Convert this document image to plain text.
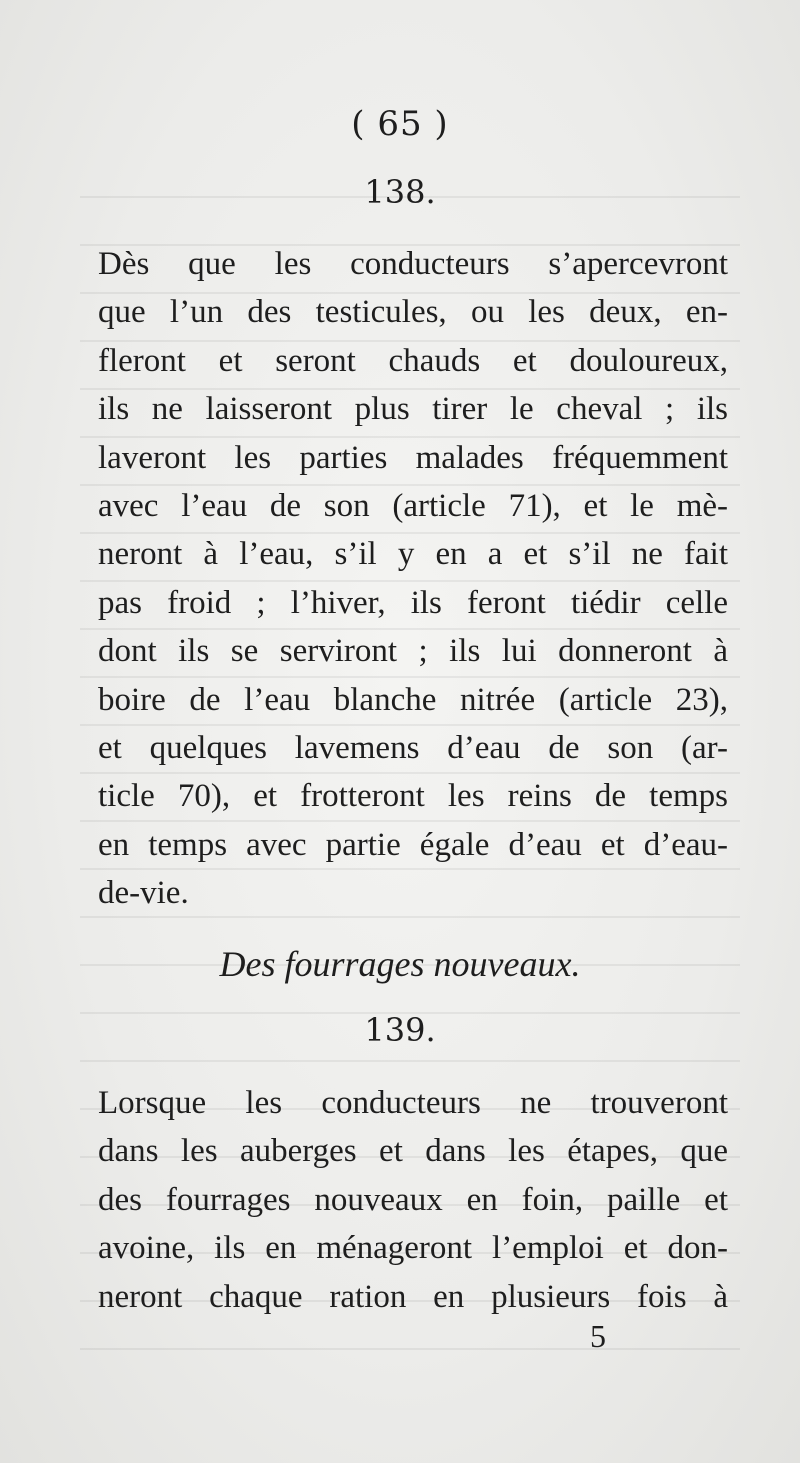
( 65 )
138.
Dès que les conducteurs s’apercevront
que l’un des testicules, ou les deux, en-
fleront et seront chauds et douloureux,
ils ne laisseront plus tirer le cheval ; ils
laveront les parties malades fréquemment
avec l’eau de son (article 71), et le mè-
neront à l’eau, s’il y en a et s’il ne fait
pas froid ; l’hiver, ils feront tiédir celle
dont ils se serviront ; ils lui donneront à
boire de l’eau blanche nitrée (article 23),
et quelques lavemens d’eau de son (ar-
ticle 70), et frotteront les reins de temps
en temps avec partie égale d’eau et d’eau-
de-vie.
Des fourrages nouveaux.
139.
Lorsque les conducteurs ne trouveront
dans les auberges et dans les étapes, que
des fourrages nouveaux en foin, paille et
avoine, ils en ménageront l’emploi et don-
neront chaque ration en plusieurs fois à
5
